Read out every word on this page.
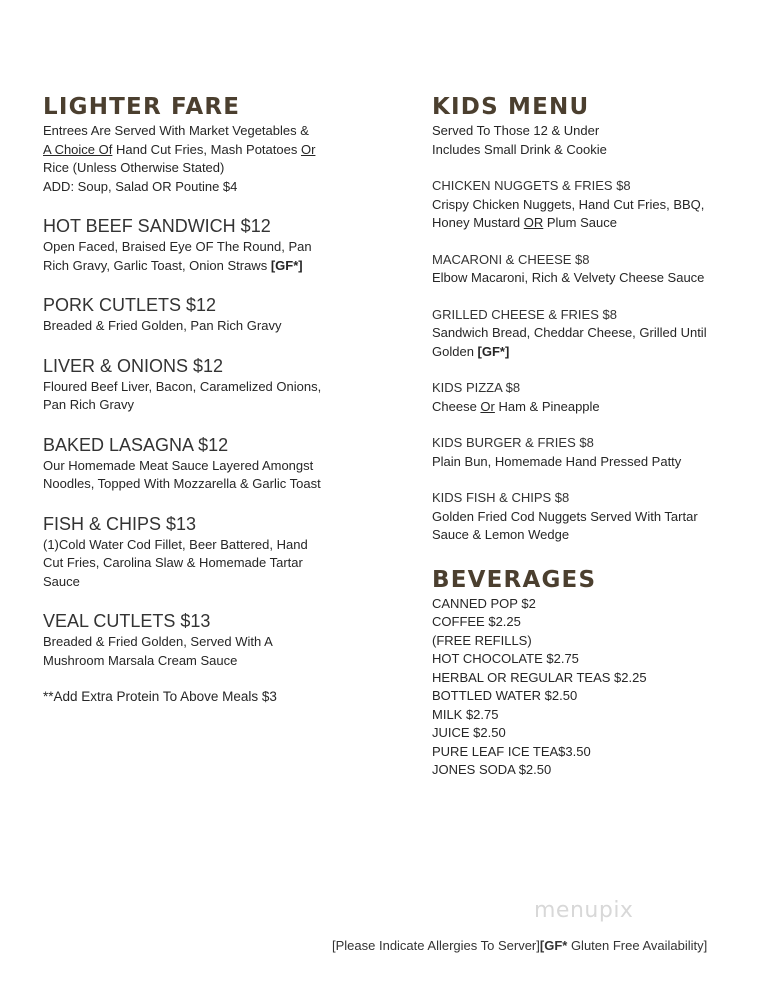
LIGHTER FARE
Entrees Are Served With Market Vegetables &
A Choice Of Hand Cut Fries, Mash Potatoes Or
Rice (Unless Otherwise Stated)
ADD: Soup, Salad OR Poutine $4
HOT BEEF SANDWICH $12
Open Faced, Braised Eye OF The Round, Pan
Rich Gravy, Garlic Toast, Onion Straws [GF*]
PORK CUTLETS $12
Breaded & Fried Golden, Pan Rich Gravy
LIVER & ONIONS $12
Floured Beef Liver, Bacon, Caramelized Onions,
Pan Rich Gravy
BAKED LASAGNA $12
Our Homemade Meat Sauce Layered Amongst
Noodles, Topped With Mozzarella & Garlic Toast
FISH & CHIPS $13
(1)Cold Water Cod Fillet, Beer Battered, Hand
Cut Fries, Carolina Slaw & Homemade Tartar
Sauce
VEAL CUTLETS $13
Breaded & Fried Golden, Served With A
Mushroom Marsala Cream Sauce
**Add Extra Protein To Above Meals $3
KIDS MENU
Served To Those 12 & Under
Includes Small Drink & Cookie
CHICKEN NUGGETS & FRIES $8
Crispy Chicken Nuggets, Hand Cut Fries, BBQ,
Honey Mustard OR Plum Sauce
MACARONI & CHEESE $8
Elbow Macaroni, Rich & Velvety Cheese Sauce
GRILLED CHEESE & FRIES $8
Sandwich Bread, Cheddar Cheese, Grilled Until
Golden [GF*]
KIDS PIZZA $8
Cheese Or Ham & Pineapple
KIDS BURGER & FRIES $8
Plain Bun, Homemade Hand Pressed Patty
KIDS FISH & CHIPS $8
Golden Fried Cod Nuggets Served With Tartar
Sauce & Lemon Wedge
BEVERAGES
CANNED POP $2
COFFEE $2.25
(FREE REFILLS)
HOT CHOCOLATE $2.75
HERBAL OR REGULAR TEAS $2.25
BOTTLED WATER $2.50
MILK $2.75
JUICE $2.50
PURE LEAF ICE TEA$3.50
JONES SODA $2.50
menupix
[Please Indicate Allergies To Server][GF* Gluten Free Availability]
